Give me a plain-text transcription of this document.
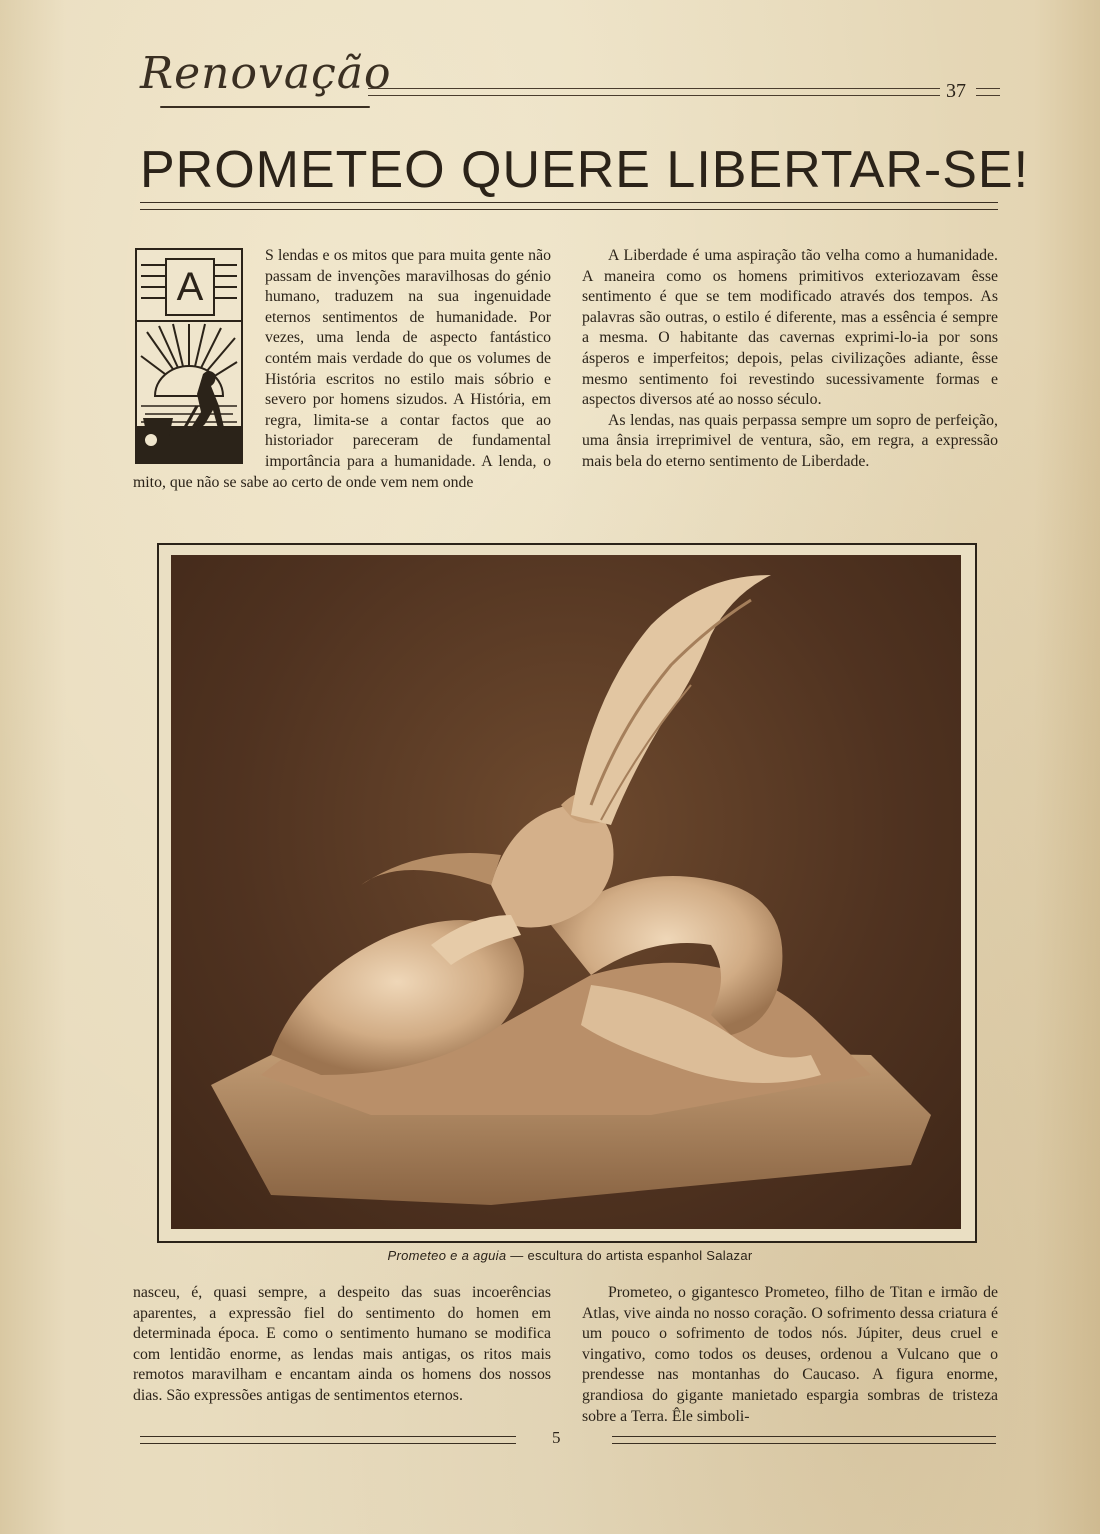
Renovação	37
PROMETEO QUERE LIBERTAR-SE!
A

S lendas e os mitos que para muita gente não passam de invenções maravilhosas do génio humano, traduzem na sua ingenuidade eternos sentimentos de humanidade. Por vezes, uma lenda de aspecto fantástico contém mais verdade do que os volumes de História escritos no estilo mais sóbrio e severo por homens sizudos. A História, em regra, limita-se a contar factos que ao historiador pareceram de fundamental importância para a humanidade. A lenda, o mito, que não se sabe ao certo de onde vem nem onde

A Liberdade é uma aspiração tão velha como a humanidade. A maneira como os homens primitivos exteriozavam êsse sentimento é que se tem modificado através dos tempos. As palavras são outras, o estilo é diferente, mas a essência é sempre a mesma. O habitante das cavernas exprimi-lo-ia por sons ásperos e imperfeitos; depois, pelas civilizações adiante, êsse mesmo sentimento foi revestindo sucessivamente formas e aspectos diversos até ao nosso século.

As lendas, nas quais perpassa sempre um sopro de perfeição, uma ânsia irreprimivel de ventura, são, em regra, a expressão mais bela do eterno sentimento de Liberdade.

Prometeo e a aguia — escultura do artista espanhol Salazar

nasceu, é, quasi sempre, a despeito das suas incoerências aparentes, a expressão fiel do sentimento do homen em determinada época. E como o sentimento humano se modifica com lentidão enorme, as lendas mais antigas, os ritos mais remotos maravilham e encantam ainda os homens dos nossos dias. São expressões antigas de sentimentos eternos.

Prometeo, o gigantesco Prometeo, filho de Titan e irmão de Atlas, vive ainda no nosso coração. O sofrimento dessa criatura é um pouco o sofrimento de todos nós. Júpiter, deus cruel e vingativo, como todos os deuses, ordenou a Vulcano que o prendesse nas montanhas do Caucaso. A figura enorme, grandiosa do gigante manietado espargia sombras de tristeza sobre a Terra. Êle simboli-

5
